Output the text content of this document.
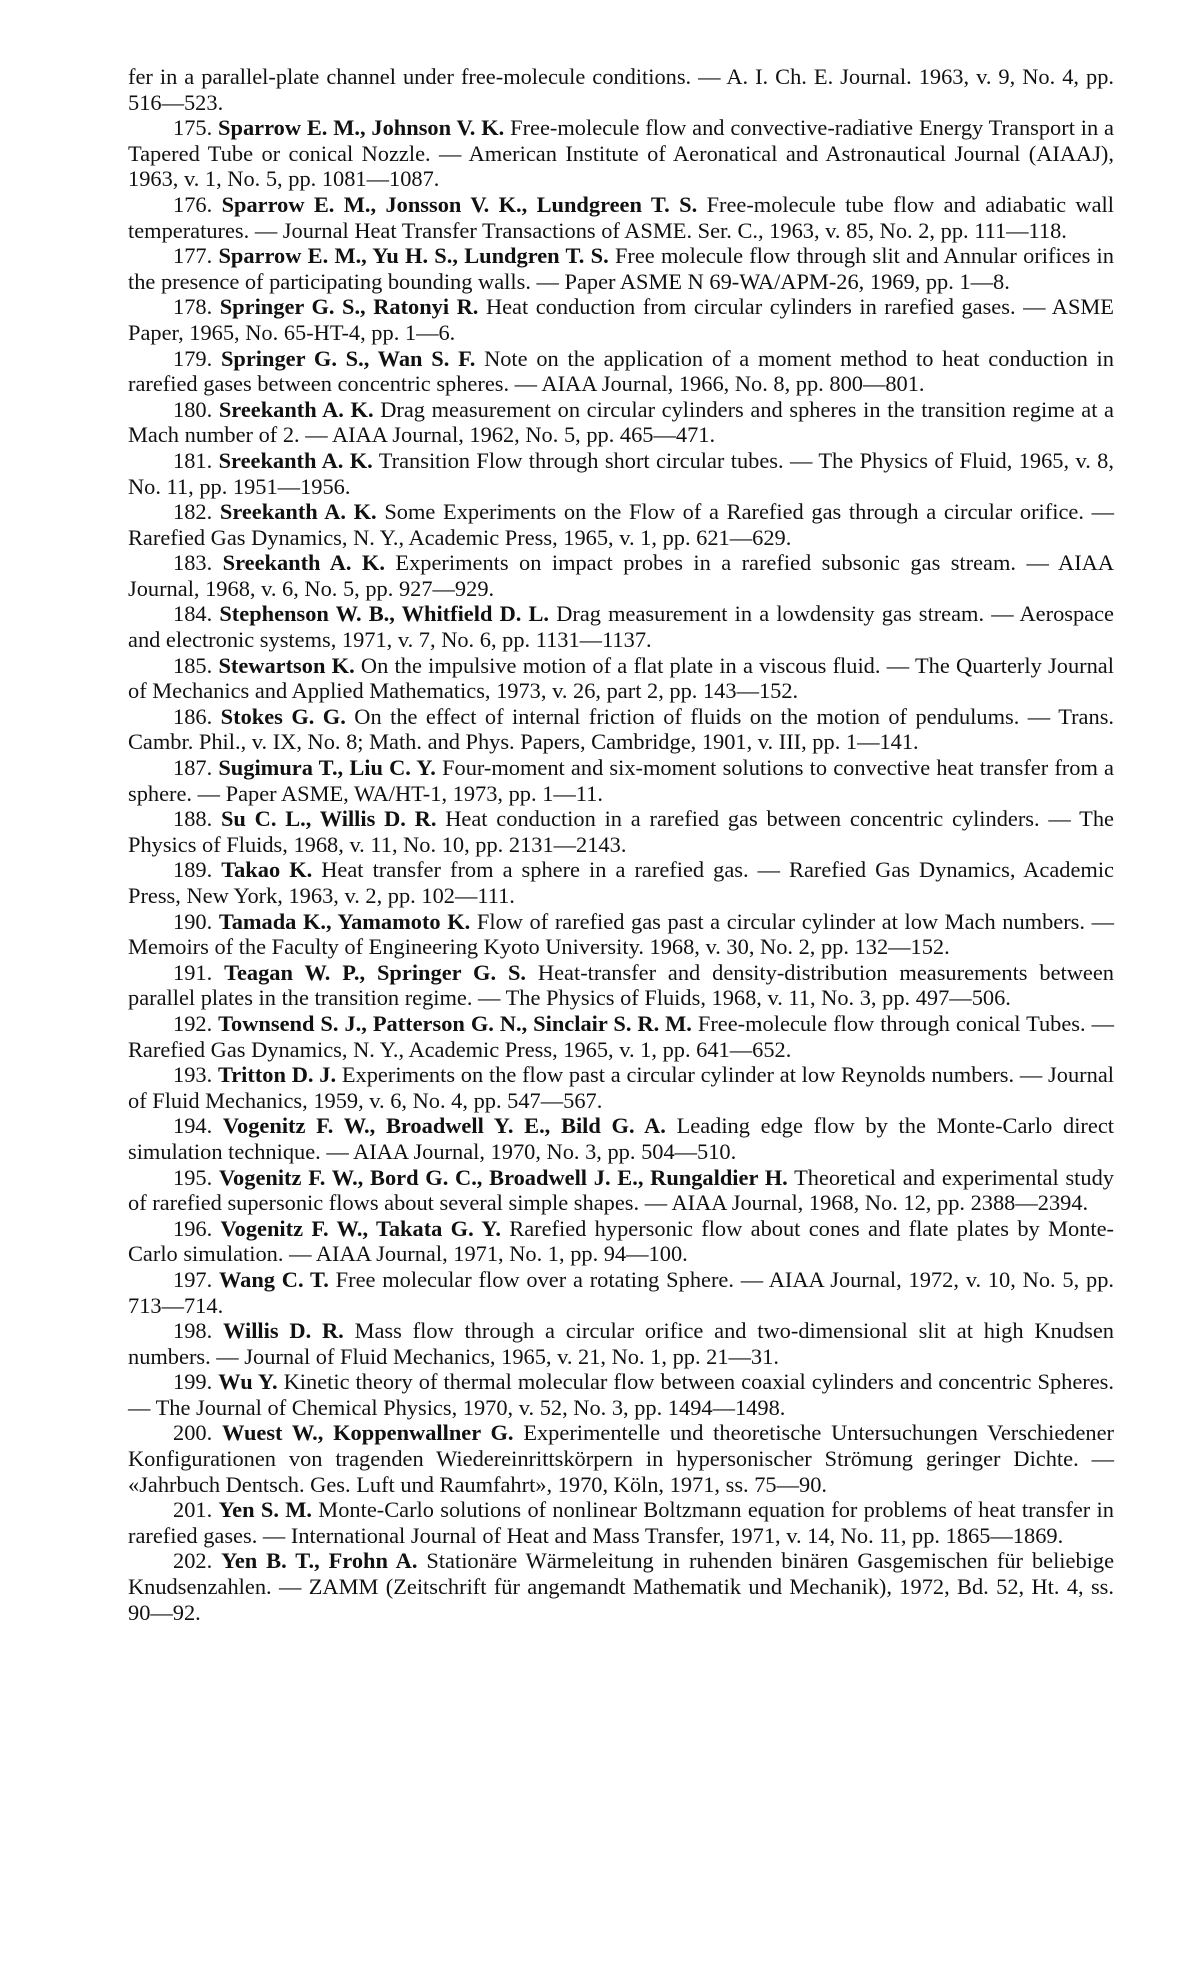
fer in a parallel-plate channel under free-molecule conditions. — A. I. Ch. E. Journal. 1963, v. 9, No. 4, pp. 516—523.

175. Sparrow E. M., Johnson V. K. Free-molecule flow and convective-radiative Energy Transport in a Tapered Tube or conical Nozzle. — American Institute of Aeronatical and Astronautical Journal (AIAAJ), 1963, v. 1, No. 5, pp. 1081—1087.

176. Sparrow E. M., Jonsson V. K., Lundgreen T. S. Free-molecule tube flow and adiabatic wall temperatures. — Journal Heat Transfer Transactions of ASME. Ser. C., 1963, v. 85, No. 2, pp. 111—118.

177. Sparrow E. M., Yu H. S., Lundgren T. S. Free molecule flow through slit and Annular orifices in the presence of participating bounding walls. — Paper ASME N 69-WA/APM-26, 1969, pp. 1—8.

178. Springer G. S., Ratonyi R. Heat conduction from circular cylinders in rarefied gases. — ASME Paper, 1965, No. 65-HT-4, pp. 1—6.

179. Springer G. S., Wan S. F. Note on the application of a moment method to heat conduction in rarefied gases between concentric spheres. — AIAA Journal, 1966, No. 8, pp. 800—801.

180. Sreekanth A. K. Drag measurement on circular cylinders and spheres in the transition regime at a Mach number of 2. — AIAA Journal, 1962, No. 5, pp. 465—471.

181. Sreekanth A. K. Transition Flow through short circular tubes. — The Physics of Fluid, 1965, v. 8, No. 11, pp. 1951—1956.

182. Sreekanth A. K. Some Experiments on the Flow of a Rarefied gas through a circular orifice. — Rarefied Gas Dynamics, N. Y., Academic Press, 1965, v. 1, pp. 621—629.

183. Sreekanth A. K. Experiments on impact probes in a rarefied subsonic gas stream. — AIAA Journal, 1968, v. 6, No. 5, pp. 927—929.

184. Stephenson W. B., Whitfield D. L. Drag measurement in a lowdensity gas stream. — Aerospace and electronic systems, 1971, v. 7, No. 6, pp. 1131—1137.

185. Stewartson K. On the impulsive motion of a flat plate in a viscous fluid. — The Quarterly Journal of Mechanics and Applied Mathematics, 1973, v. 26, part 2, pp. 143—152.

186. Stokes G. G. On the effect of internal friction of fluids on the motion of pendulums. — Trans. Cambr. Phil., v. IX, No. 8; Math. and Phys. Papers, Cambridge, 1901, v. III, pp. 1—141.

187. Sugimura T., Liu C. Y. Four-moment and six-moment solutions to convective heat transfer from a sphere. — Paper ASME, WA/HT-1, 1973, pp. 1—11.

188. Su C. L., Willis D. R. Heat conduction in a rarefied gas between concentric cylinders. — The Physics of Fluids, 1968, v. 11, No. 10, pp. 2131—2143.

189. Takao K. Heat transfer from a sphere in a rarefied gas. — Rarefied Gas Dynamics, Academic Press, New York, 1963, v. 2, pp. 102—111.

190. Tamada K., Yamamoto K. Flow of rarefied gas past a circular cylinder at low Mach numbers. — Memoirs of the Faculty of Engineering Kyoto University. 1968, v. 30, No. 2, pp. 132—152.

191. Teagan W. P., Springer G. S. Heat-transfer and density-distribution measurements between parallel plates in the transition regime. — The Physics of Fluids, 1968, v. 11, No. 3, pp. 497—506.

192. Townsend S. J., Patterson G. N., Sinclair S. R. M. Free-molecule flow through conical Tubes. — Rarefied Gas Dynamics, N. Y., Academic Press, 1965, v. 1, pp. 641—652.

193. Tritton D. J. Experiments on the flow past a circular cylinder at low Reynolds numbers. — Journal of Fluid Mechanics, 1959, v. 6, No. 4, pp. 547—567.

194. Vogenitz F. W., Broadwell Y. E., Bild G. A. Leading edge flow by the Monte-Carlo direct simulation technique. — AIAA Journal, 1970, No. 3, pp. 504—510.

195. Vogenitz F. W., Bord G. C., Broadwell J. E., Rungaldier H. Theoretical and experimental study of rarefied supersonic flows about several simple shapes. — AIAA Journal, 1968, No. 12, pp. 2388—2394.

196. Vogenitz F. W., Takata G. Y. Rarefied hypersonic flow about cones and flate plates by Monte-Carlo simulation. — AIAA Journal, 1971, No. 1, pp. 94—100.

197. Wang C. T. Free molecular flow over a rotating Sphere. — AIAA Journal, 1972, v. 10, No. 5, pp. 713—714.

198. Willis D. R. Mass flow through a circular orifice and two-dimensional slit at high Knudsen numbers. — Journal of Fluid Mechanics, 1965, v. 21, No. 1, pp. 21—31.

199. Wu Y. Kinetic theory of thermal molecular flow between coaxial cylinders and concentric Spheres. — The Journal of Chemical Physics, 1970, v. 52, No. 3, pp. 1494—1498.

200. Wuest W., Koppenwallner G. Experimentelle und theoretische Untersuchungen Verschiedener Konfigurationen von tragenden Wiedereinrittskörpern in hypersonischer Strömung geringer Dichte. — «Jahrbuch Dentsch. Ges. Luft und Raumfahrt», 1970, Köln, 1971, ss. 75—90.

201. Yen S. M. Monte-Carlo solutions of nonlinear Boltzmann equation for problems of heat transfer in rarefied gases. — International Journal of Heat and Mass Transfer, 1971, v. 14, No. 11, pp. 1865—1869.

202. Yen B. T., Frohn A. Stationäre Wärmeleitung in ruhenden binären Gasgemischen für beliebige Knudsenzahlen. — ZAMM (Zeitschrift für angemandt Mathematik und Mechanik), 1972, Bd. 52, Ht. 4, ss. 90—92.
